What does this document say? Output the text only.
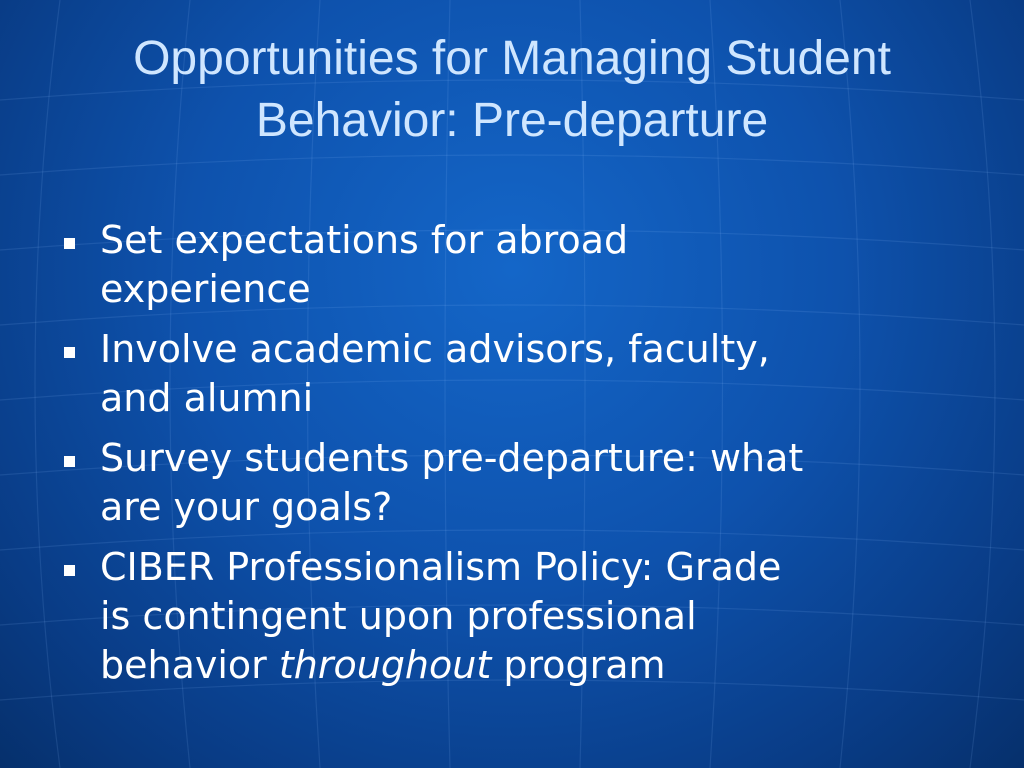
Opportunities for Managing Student
Behavior: Pre-departure
Set expectations for abroad
experience
Involve academic advisors, faculty,
and alumni
Survey students pre-departure: what
are your goals?
CIBER Professionalism Policy: Grade
is contingent upon professional
behavior throughout program
